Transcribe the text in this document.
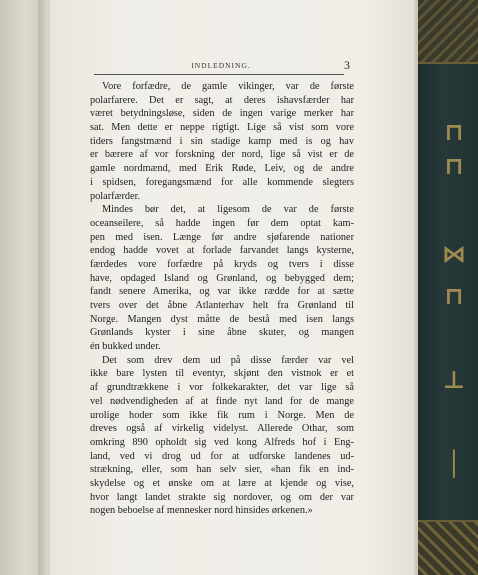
⊓
⊓
⋈
⊓
⊥
│
INDLEDNING.	3
Vore forfædre, de gamle vikinger, var de første
polarfarere. Det er sagt, at deres ishavsfærder har
været betydningsløse, siden de ingen varige merker har
sat. Men dette er neppe rigtigt. Lige så vist som vore
tiders fangstmænd i sin stadige kamp med is og hav
er bærere af vor forskning der nord, lige så vist er de
gamle nordmænd, med Erik Røde, Leiv, og de andre
i spidsen, foregangsmænd for alle kommende slegters
polarfærder.
Mindes bør det, at ligesom de var de første
oceanseilere, så hadde ingen før dem optat kam-
pen med isen. Længe før andre sjøfarende nationer
endog hadde vovet at forlade farvandet langs kysterne,
færdedes vore forfædre på kryds og tvers i disse
have, opdaged Island og Grønland, og bebygged dem;
fandt senere Amerika, og var ikke rædde for at sætte
tvers over det åbne Atlanterhav helt fra Grønland til
Norge. Mangen dyst måtte de bestå med isen langs
Grønlands kyster i sine åbne skuter, og mangen
én bukked under.
Det som drev dem ud på disse færder var vel
ikke bare lysten til eventyr, skjønt den vistnok er et
af grundtrækkene i vor folkekarakter, det var lige så
vel nødvendigheden af at finde nyt land for de mange
urolige hoder som ikke fik rum i Norge. Men de
dreves også af virkelig videlyst. Allerede Othar, som
omkring 890 opholdt sig ved kong Alfreds hof i Eng-
land, ved vi drog ud for at udforske landenes ud-
strækning, eller, som han selv sier, «han fik en ind-
skydelse og et ønske om at lære at kjende og vise,
hvor langt landet strakte sig nordover, og om der var
nogen beboelse af mennesker nord hinsides ørkenen.»
